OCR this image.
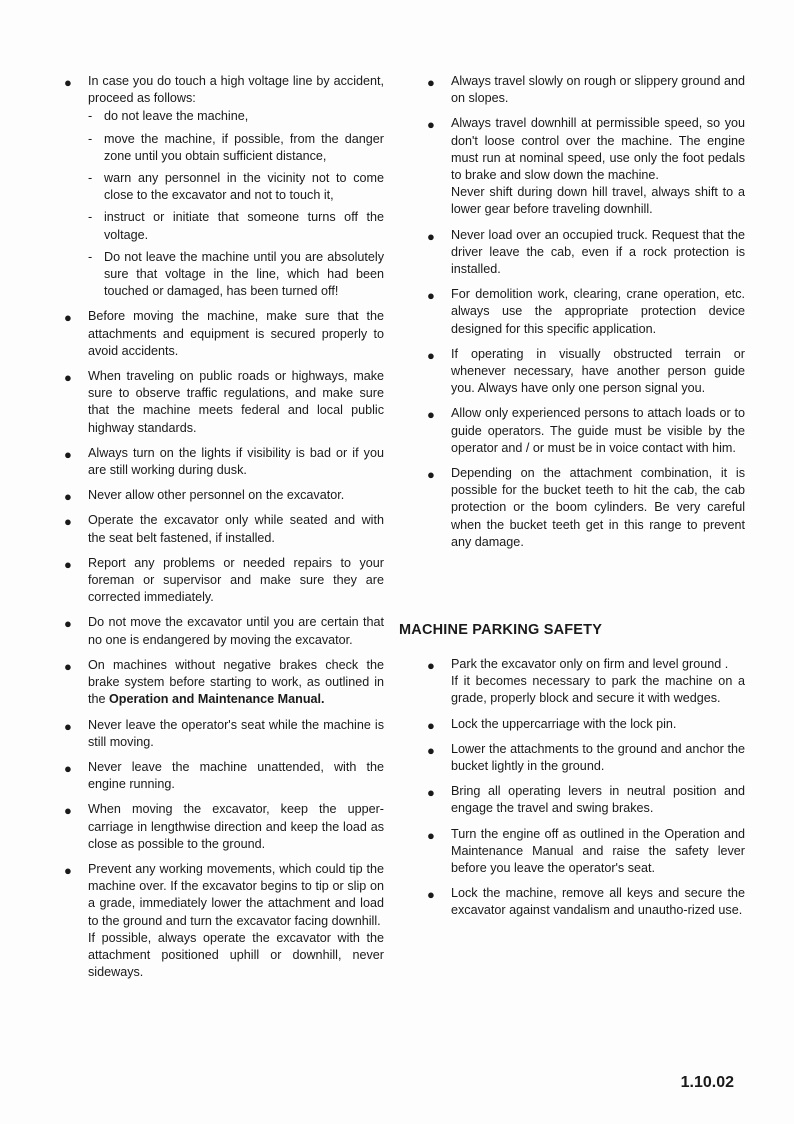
● In case you do touch a high voltage line by accident, proceed as follows:
- do not leave the machine,
- move the machine, if possible, from the danger zone until you obtain sufficient distance,
- warn any personnel in the vicinity not to come close to the excavator and not to touch it,
- instruct or initiate that someone turns off the voltage.
- Do not leave the machine until you are absolutely sure that voltage in the line, which had been touched or damaged, has been turned off!
● Before moving the machine, make sure that the attachments and equipment is secured properly to avoid accidents.
● When traveling on public roads or highways, make sure to observe traffic regulations, and make sure that the machine meets federal and local public highway standards.
● Always turn on the lights if visibility is bad or if you are still working during dusk.
● Never allow other personnel on the excavator.
● Operate the excavator only while seated and with the seat belt fastened, if installed.
● Report any problems or needed repairs to your foreman or supervisor and make sure they are corrected immediately.
● Do not move the excavator until you are certain that no one is endangered by moving the excavator.
● On machines without negative brakes check the brake system before starting to work, as outlined in the Operation and Maintenance Manual.
● Never leave the operator's seat while the machine is still moving.
● Never leave the machine unattended, with the engine running.
● When moving the excavator, keep the upper-carriage in lengthwise direction and keep the load as close as possible to the ground.
● Prevent any working movements, which could tip the machine over. If the excavator begins to tip or slip on a grade, immediately lower the attachment and load to the ground and turn the excavator facing downhill.
If possible, always operate the excavator with the attachment positioned uphill or downhill, never sideways.
● Always travel slowly on rough or slippery ground and on slopes.
● Always travel downhill at permissible speed, so you don't loose control over the machine. The engine must run at nominal speed, use only the foot pedals to brake and slow down the machine.
Never shift during down hill travel, always shift to a lower gear before traveling downhill.
● Never load over an occupied truck. Request that the driver leave the cab, even if a rock protection is installed.
● For demolition work, clearing, crane operation, etc. always use the appropriate protection device designed for this specific application.
● If operating in visually obstructed terrain or whenever necessary, have another person guide you. Always have only one person signal you.
● Allow only experienced persons to attach loads or to guide operators. The guide must be visible by the operator and / or must be in voice contact with him.
● Depending on the attachment combination, it is possible for the bucket teeth to hit the cab, the cab protection or the boom cylinders. Be very careful when the bucket teeth get in this range to prevent any damage.
MACHINE PARKING SAFETY
● Park the excavator only on firm and level ground .
If it becomes necessary to park the machine on a grade, properly block and secure it with wedges.
● Lock the uppercarriage with the lock pin.
● Lower the attachments to the ground and anchor the bucket lightly in the ground.
● Bring all operating levers in neutral position and engage the travel and swing brakes.
● Turn the engine off as outlined in the Operation and Maintenance Manual and raise the safety lever before you leave the operator's seat.
● Lock the machine, remove all keys and secure the excavator against vandalism and unautho-rized use.
1.10.02
